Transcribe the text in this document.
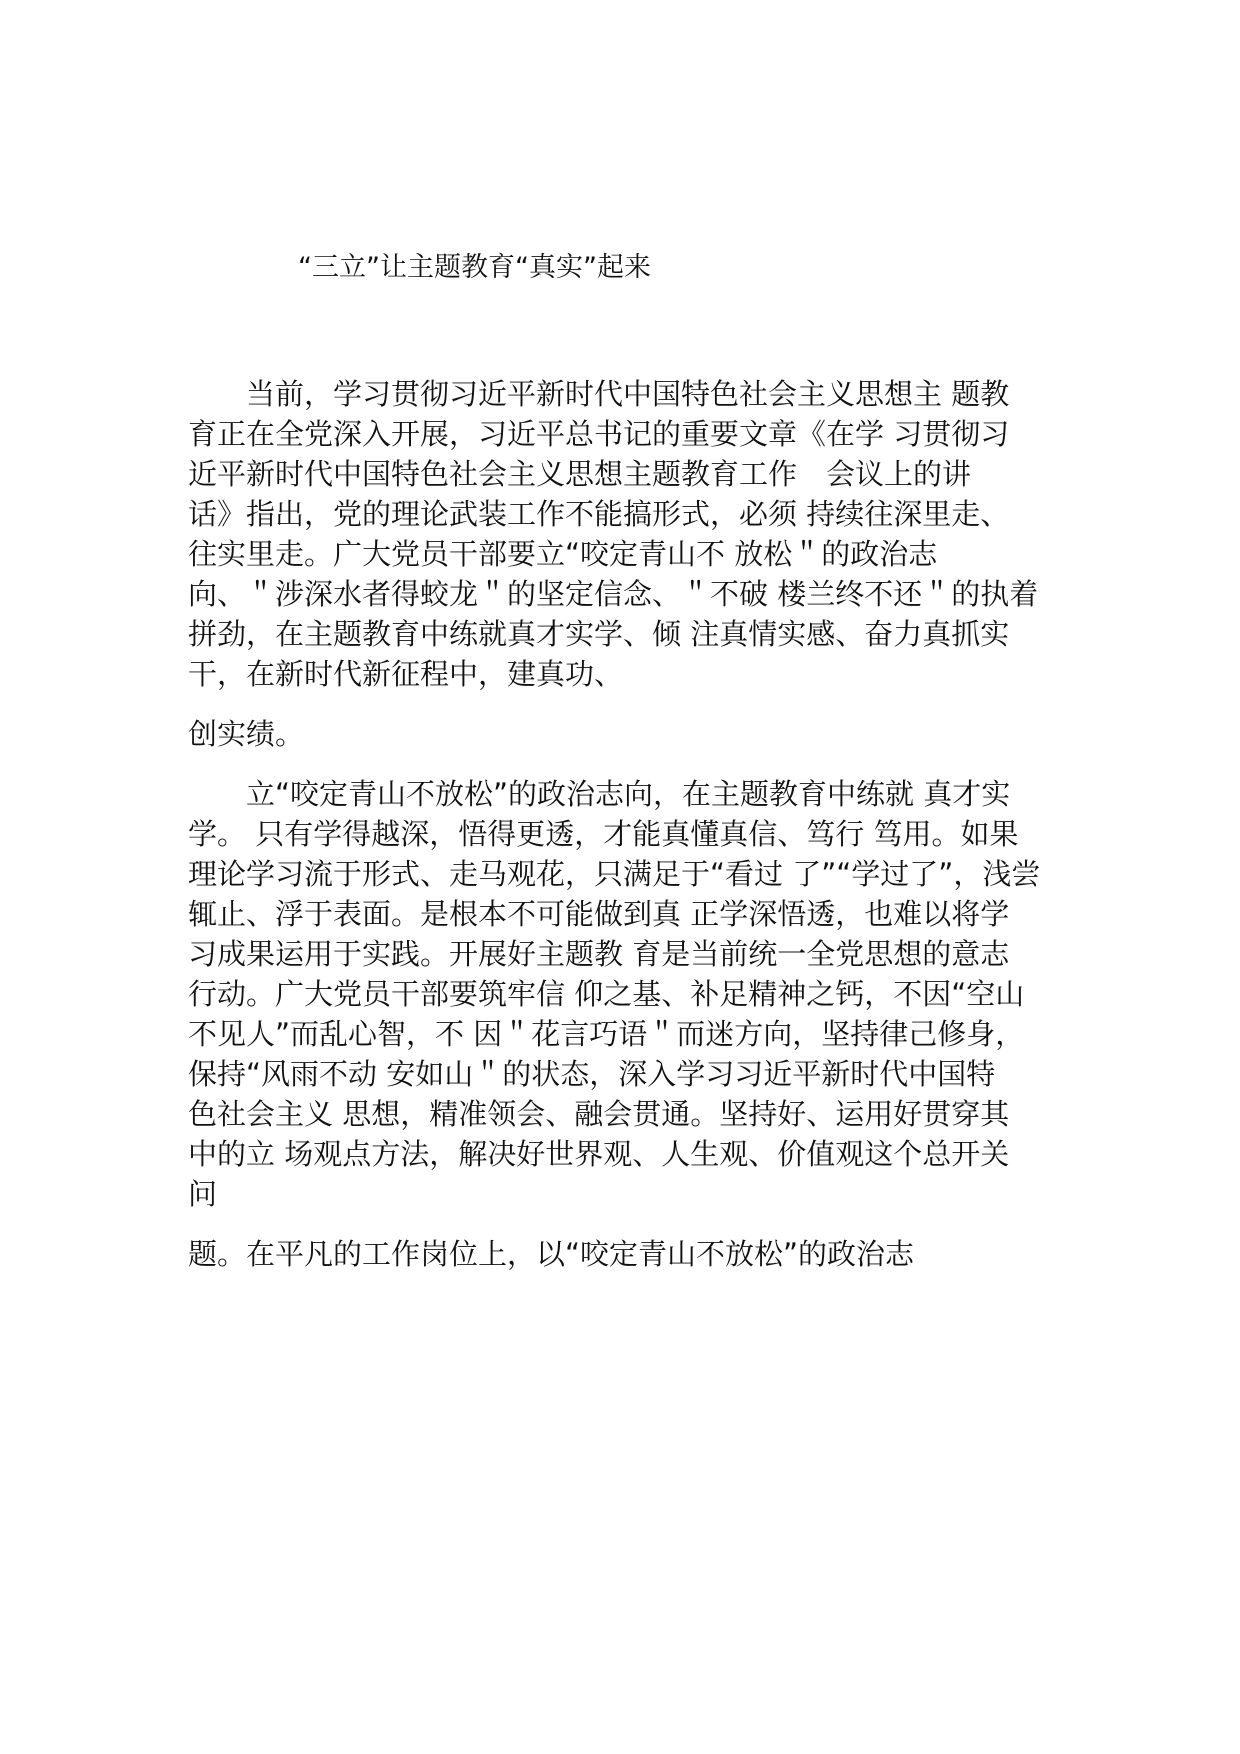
“三立”让主题教育“真实”起来
　　当前，学习贯彻习近平新时代中国特色社会主义思想主 题教
育正在全党深入开展，习近平总书记的重要文章《在学 习贯彻习
近平新时代中国特色社会主义思想主题教育工作　会议上的讲
话》指出，党的理论武装工作不能搞形式，必须 持续往深里走、
往实里走。广大党员干部要立“咬定青山不 放松＂的政治志
向、＂涉深水者得蛟龙＂的坚定信念、＂不破 楼兰终不还＂的执着
拼劲，在主题教育中练就真才实学、倾 注真情实感、奋力真抓实
干，在新时代新征程中，建真功、
创实绩。
　　立“咬定青山不放松”的政治志向，在主题教育中练就 真才实
学。 只有学得越深，悟得更透，才能真懂真信、笃行 笃用。如果
理论学习流于形式、走马观花，只满足于“看过 了”“学过了”，浅尝
辄止、浮于表面。是根本不可能做到真 正学深悟透，也难以将学
习成果运用于实践。开展好主题教 育是当前统一全党思想的意志
行动。广大党员干部要筑牢信 仰之基、补足精神之钙，不因“空山
不见人”而乱心智，不 因＂花言巧语＂而迷方向，坚持律己修身，
保持“风雨不动 安如山＂的状态，深入学习习近平新时代中国特
色社会主义 思想，精准领会、融会贯通。坚持好、运用好贯穿其
中的立 场观点方法，解决好世界观、人生观、价值观这个总开关
问
题。在平凡的工作岗位上，以“咬定青山不放松”的政治志
